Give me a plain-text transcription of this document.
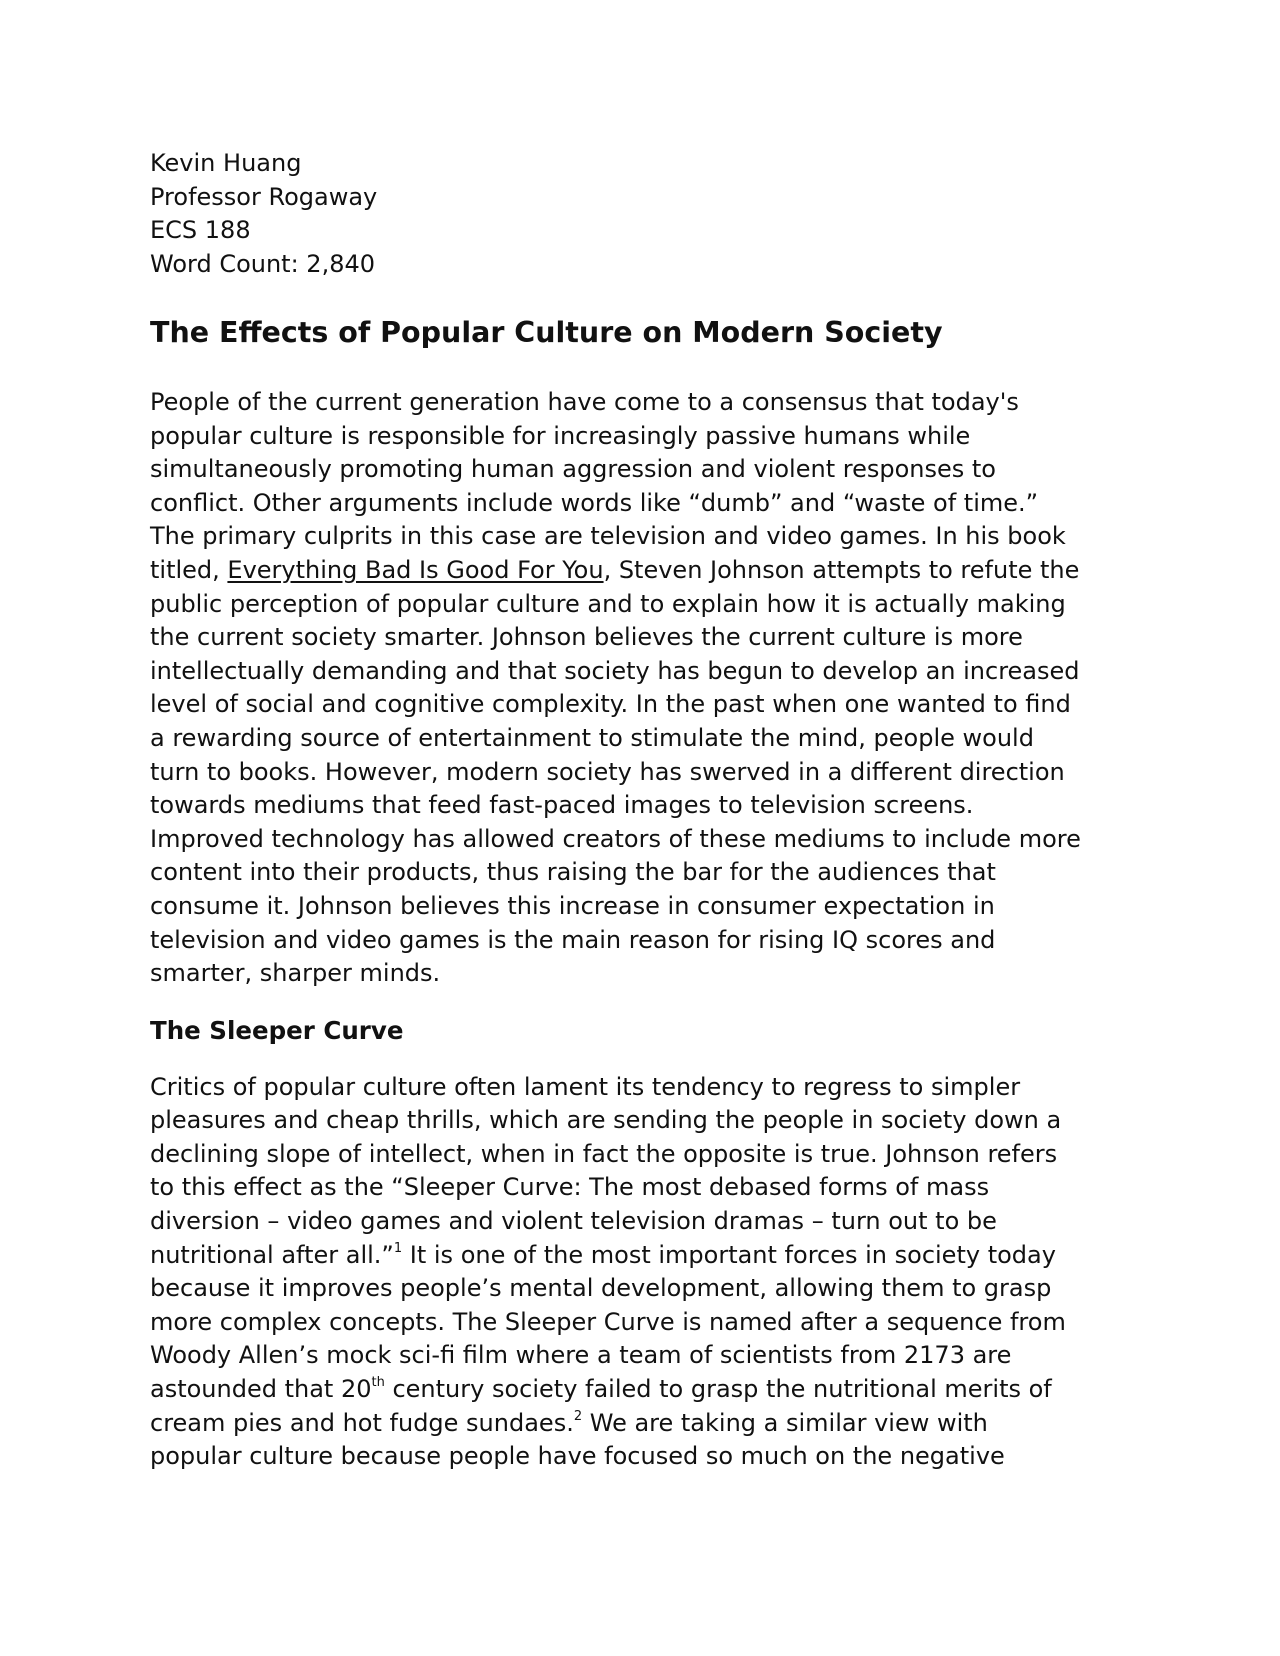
Kevin Huang
Professor Rogaway
ECS 188
Word Count: 2,840
The Effects of Popular Culture on Modern Society
People of the current generation have come to a consensus that today's
popular culture is responsible for increasingly passive humans while
simultaneously promoting human aggression and violent responses to
conflict. Other arguments include words like “dumb” and “waste of time.”
The primary culprits in this case are television and video games. In his book
titled, Everything Bad Is Good For You, Steven Johnson attempts to refute the
public perception of popular culture and to explain how it is actually making
the current society smarter. Johnson believes the current culture is more
intellectually demanding and that society has begun to develop an increased
level of social and cognitive complexity. In the past when one wanted to find
a rewarding source of entertainment to stimulate the mind, people would
turn to books. However, modern society has swerved in a different direction
towards mediums that feed fast-paced images to television screens.
Improved technology has allowed creators of these mediums to include more
content into their products, thus raising the bar for the audiences that
consume it. Johnson believes this increase in consumer expectation in
television and video games is the main reason for rising IQ scores and
smarter, sharper minds.
The Sleeper Curve
Critics of popular culture often lament its tendency to regress to simpler
pleasures and cheap thrills, which are sending the people in society down a
declining slope of intellect, when in fact the opposite is true. Johnson refers
to this effect as the “Sleeper Curve: The most debased forms of mass
diversion – video games and violent television dramas – turn out to be
nutritional after all.”$^1$ It is one of the most important forces in society today
because it improves people’s mental development, allowing them to grasp
more complex concepts. The Sleeper Curve is named after a sequence from
Woody Allen’s mock sci-fi film where a team of scientists from 2173 are
astounded that 20th century society failed to grasp the nutritional merits of
cream pies and hot fudge sundaes.$^2$ We are taking a similar view with
popular culture because people have focused so much on the negative
